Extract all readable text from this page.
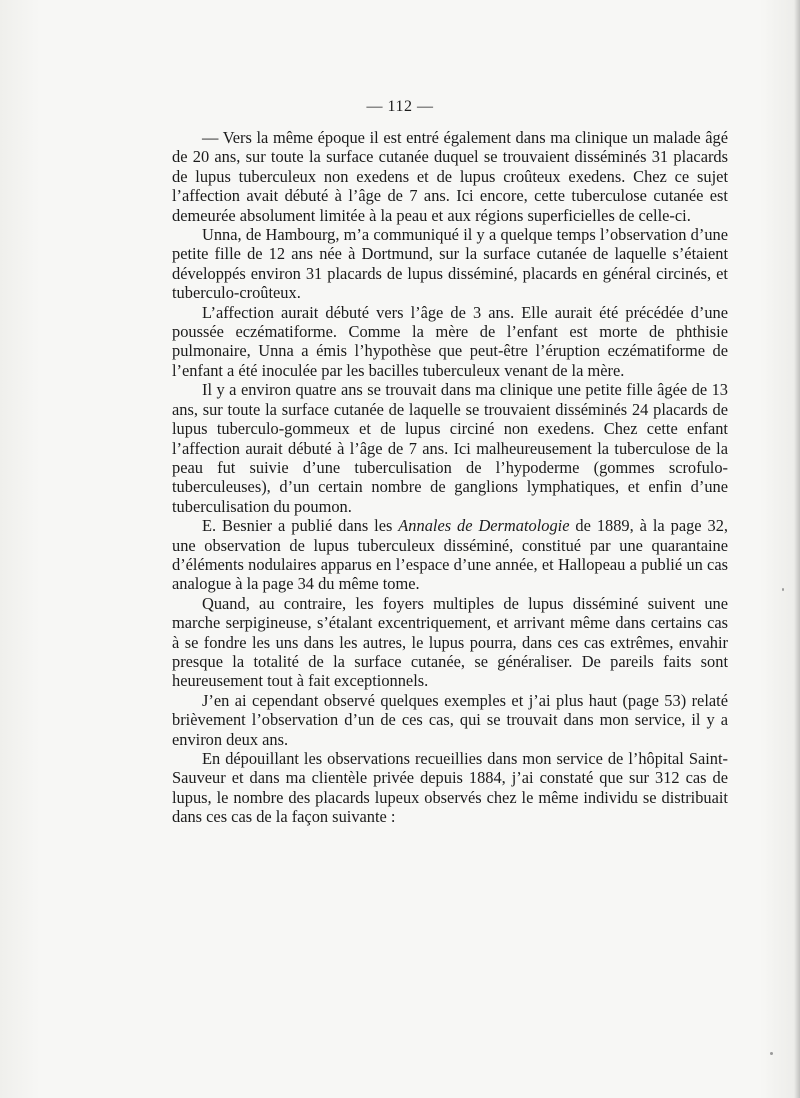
— 112 —

— Vers la même époque il est entré également dans ma clinique un malade âgé de 20 ans, sur toute la surface cutanée duquel se trouvaient disséminés 31 placards de lupus tuberculeux non exedens et de lupus croûteux exedens. Chez ce sujet l’affection avait débuté à l’âge de 7 ans. Ici encore, cette tuberculose cutanée est demeurée absolument limitée à la peau et aux régions superficielles de celle-ci.

Unna, de Hambourg, m’a communiqué il y a quelque temps l’observation d’une petite fille de 12 ans née à Dortmund, sur la surface cutanée de laquelle s’étaient développés environ 31 placards de lupus disséminé, placards en général circinés, et tuberculo-croûteux.

L’affection aurait débuté vers l’âge de 3 ans. Elle aurait été précédée d’une poussée eczématiforme. Comme la mère de l’enfant est morte de phthisie pulmonaire, Unna a émis l’hypothèse que peut-être l’éruption eczématiforme de l’enfant a été inoculée par les bacilles tuberculeux venant de la mère.

Il y a environ quatre ans se trouvait dans ma clinique une petite fille âgée de 13 ans, sur toute la surface cutanée de laquelle se trouvaient disséminés 24 placards de lupus tuberculo-gommeux et de lupus circiné non exedens. Chez cette enfant l’affection aurait débuté à l’âge de 7 ans. Ici malheureusement la tuberculose de la peau fut suivie d’une tuberculisation de l’hypoderme (gommes scrofulo-tuberculeuses), d’un certain nombre de ganglions lymphatiques, et enfin d’une tuberculisation du poumon.

E. Besnier a publié dans les Annales de Dermatologie de 1889, à la page 32, une observation de lupus tuberculeux disséminé, constitué par une quarantaine d’éléments nodulaires apparus en l’espace d’une année, et Hallopeau a publié un cas analogue à la page 34 du même tome.

Quand, au contraire, les foyers multiples de lupus disséminé suivent une marche serpigineuse, s’étalant excentriquement, et arrivant même dans certains cas à se fondre les uns dans les autres, le lupus pourra, dans ces cas extrêmes, envahir presque la totalité de la surface cutanée, se généraliser. De pareils faits sont heureusement tout à fait exceptionnels.

J’en ai cependant observé quelques exemples et j’ai plus haut (page 53) relaté brièvement l’observation d’un de ces cas, qui se trouvait dans mon service, il y a environ deux ans.

En dépouillant les observations recueillies dans mon service de l’hôpital Saint-Sauveur et dans ma clientèle privée depuis 1884, j’ai constaté que sur 312 cas de lupus, le nombre des placards lupeux observés chez le même individu se distribuait dans ces cas de la façon suivante :
